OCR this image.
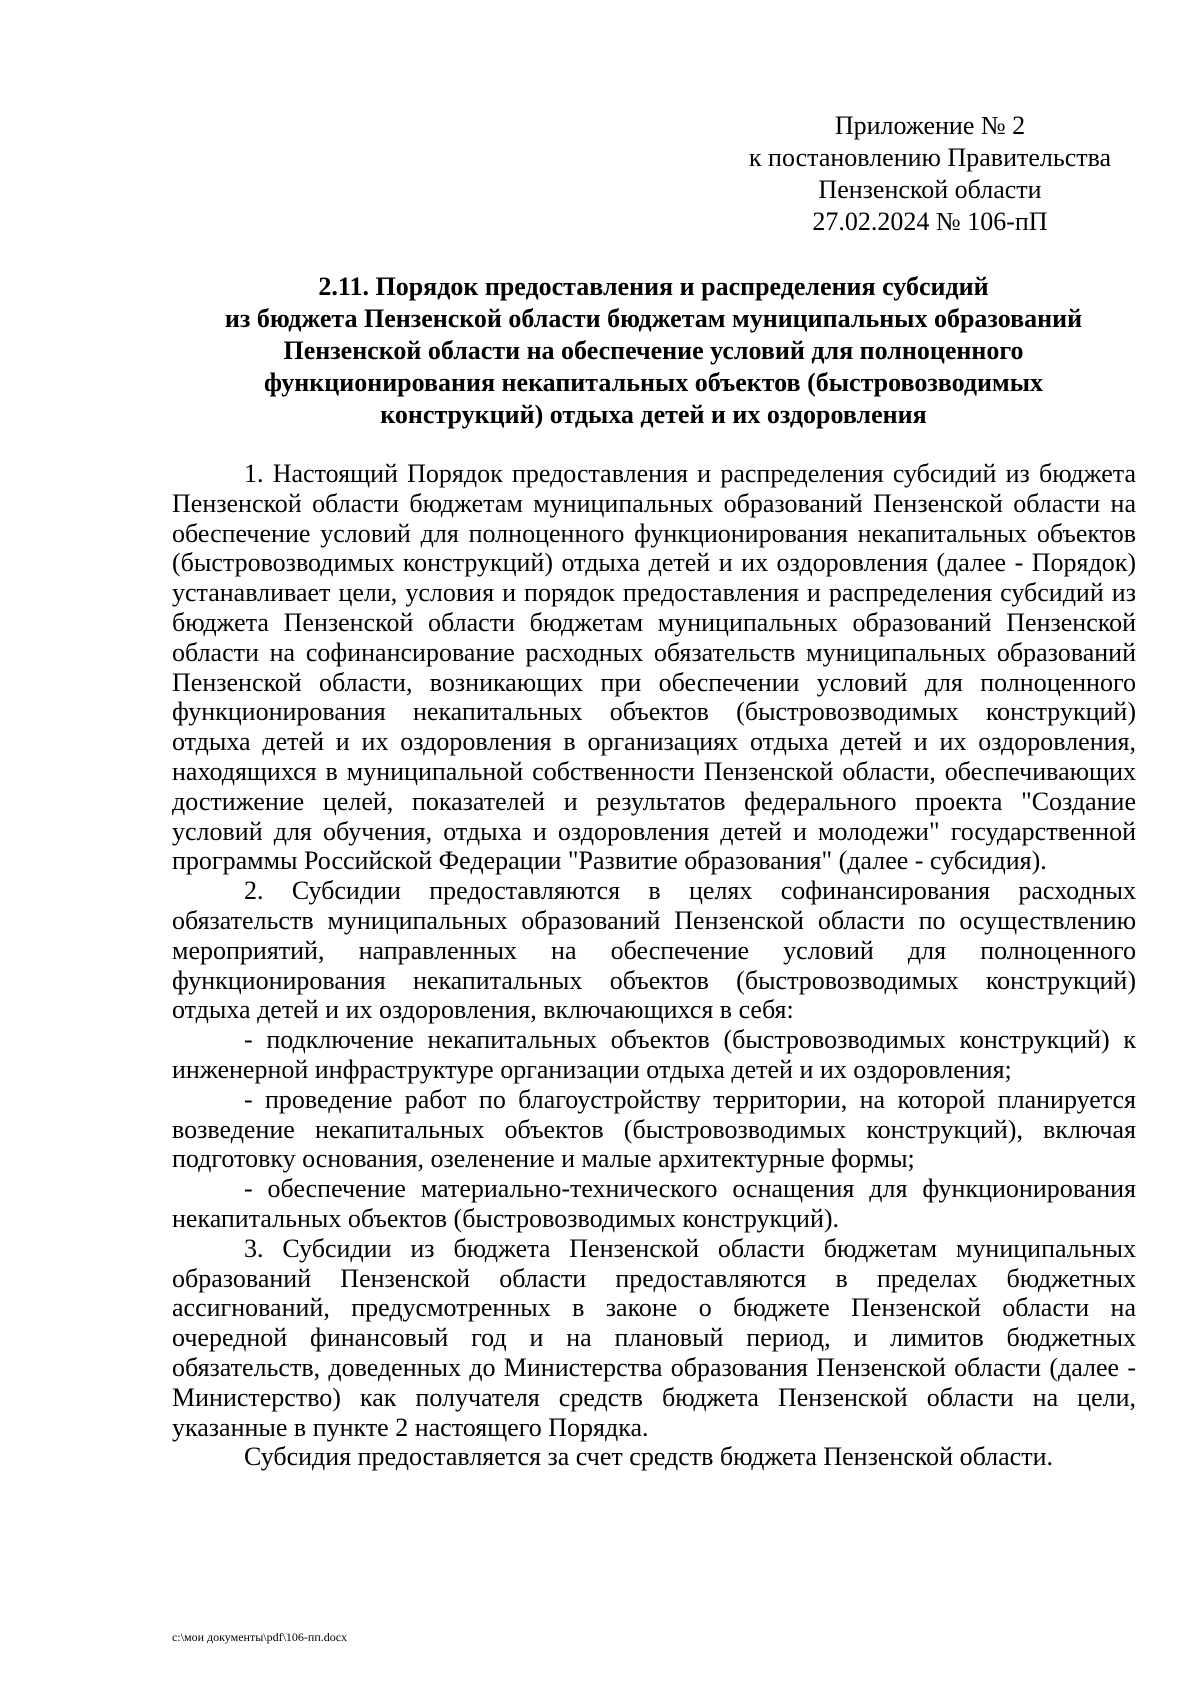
Приложение № 2
к постановлению Правительства
Пензенской области
27.02.2024 № 106-пП
2.11. Порядок предоставления и распределения субсидий
из бюджета Пензенской области бюджетам муниципальных образований
Пензенской области на обеспечение условий для полноценного
функционирования некапитальных объектов (быстровозводимых
конструкций) отдыха детей и их оздоровления

1. Настоящий Порядок предоставления и распределения субсидий из бюджета Пензенской области бюджетам муниципальных образований Пензенской области на обеспечение условий для полноценного функционирования некапитальных объектов (быстровозводимых конструкций) отдыха детей и их оздоровления (далее - Порядок) устанавливает цели, условия и порядок предоставления и распределения субсидий из бюджета Пензенской области бюджетам муниципальных образований Пензенской области на софинансирование расходных обязательств муниципальных образований Пензенской области, возникающих при обеспечении условий для полноценного функционирования некапитальных объектов (быстровозводимых конструкций) отдыха детей и их оздоровления в организациях отдыха детей и их оздоровления, находящихся в муниципальной собственности Пензенской области, обеспечивающих достижение целей, показателей и результатов федерального проекта "Создание условий для обучения, отдыха и оздоровления детей и молодежи" государственной программы Российской Федерации "Развитие образования" (далее - субсидия).

2. Субсидии предоставляются в целях софинансирования расходных обязательств муниципальных образований Пензенской области по осуществлению мероприятий, направленных на обеспечение условий для полноценного функционирования некапитальных объектов (быстровозводимых конструкций) отдыха детей и их оздоровления, включающихся в себя:

- подключение некапитальных объектов (быстровозводимых конструкций) к инженерной инфраструктуре организации отдыха детей и их оздоровления;

- проведение работ по благоустройству территории, на которой планируется возведение некапитальных объектов (быстровозводимых конструкций), включая подготовку основания, озеленение и малые архитектурные формы;

- обеспечение материально-технического оснащения для функционирования некапитальных объектов (быстровозводимых конструкций).

3. Субсидии из бюджета Пензенской области бюджетам муниципальных образований Пензенской области предоставляются в пределах бюджетных ассигнований, предусмотренных в законе о бюджете Пензенской области на очередной финансовый год и на плановый период, и лимитов бюджетных обязательств, доведенных до Министерства образования Пензенской области (далее - Министерство) как получателя средств бюджета Пензенской области на цели, указанные в пункте 2 настоящего Порядка.

Субсидия предоставляется за счет средств бюджета Пензенской области.

c:\мои документы\pdf\106-пп.docx
